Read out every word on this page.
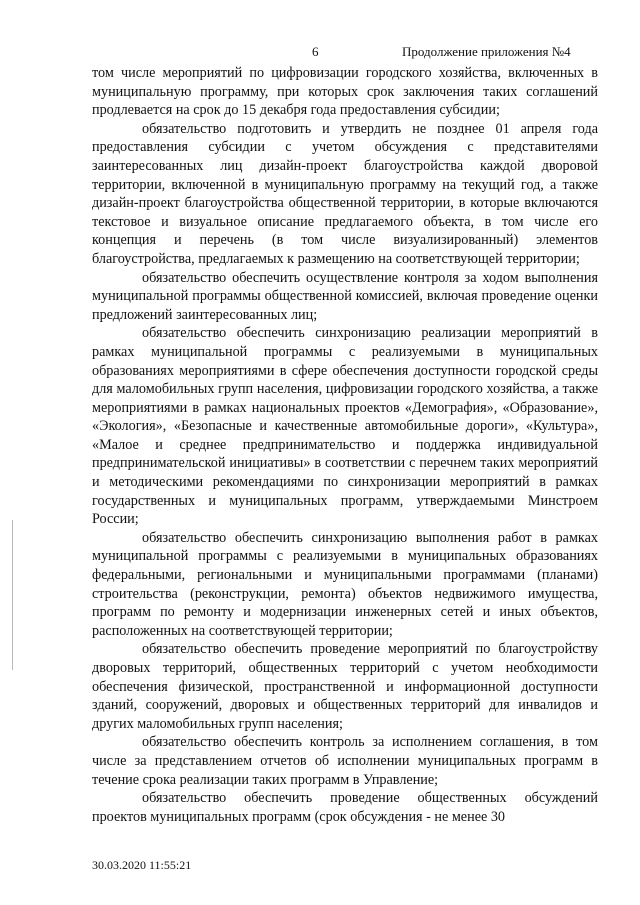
6	Продолжение приложения №4

том числе мероприятий по цифровизации городского хозяйства, включенных в муниципальную программу, при которых срок заключения таких соглашений продлевается на срок до 15 декабря года предоставления субсидии;

обязательство подготовить и утвердить не позднее 01 апреля года предоставления субсидии с учетом обсуждения с представителями заинтересованных лиц дизайн-проект благоустройства каждой дворовой территории, включенной в муниципальную программу на текущий год, а также дизайн-проект благоустройства общественной территории, в которые включаются текстовое и визуальное описание предлагаемого объекта, в том числе его концепция и перечень (в том числе визуализированный) элементов благоустройства, предлагаемых к размещению на соответствующей территории;

обязательство обеспечить осуществление контроля за ходом выполнения муниципальной программы общественной комиссией, включая проведение оценки предложений заинтересованных лиц;

обязательство обеспечить синхронизацию реализации мероприятий в рамках муниципальной программы с реализуемыми в муниципальных образованиях мероприятиями в сфере обеспечения доступности городской среды для маломобильных групп населения, цифровизации городского хозяйства, а также мероприятиями в рамках национальных проектов «Демография», «Образование», «Экология», «Безопасные и качественные автомобильные дороги», «Культура», «Малое и среднее предпринимательство и поддержка индивидуальной предпринимательской инициативы» в соответствии с перечнем таких мероприятий и методическими рекомендациями по синхронизации мероприятий в рамках государственных и муниципальных программ, утверждаемыми Минстроем России;

обязательство обеспечить синхронизацию выполнения работ в рамках муниципальной программы с реализуемыми в муниципальных образованиях федеральными, региональными и муниципальными программами (планами) строительства (реконструкции, ремонта) объектов недвижимого имущества, программ по ремонту и модернизации инженерных сетей и иных объектов, расположенных на соответствующей территории;

обязательство обеспечить проведение мероприятий по благоустройству дворовых территорий, общественных территорий с учетом необходимости обеспечения физической, пространственной и информационной доступности зданий, сооружений, дворовых и общественных территорий для инвалидов и других маломобильных групп населения;

обязательство обеспечить контроль за исполнением соглашения, в том числе за представлением отчетов об исполнении муниципальных программ в течение срока реализации таких программ в Управление;

обязательство обеспечить проведение общественных обсуждений проектов муниципальных программ (срок обсуждения - не менее 30

30.03.2020 11:55:21
